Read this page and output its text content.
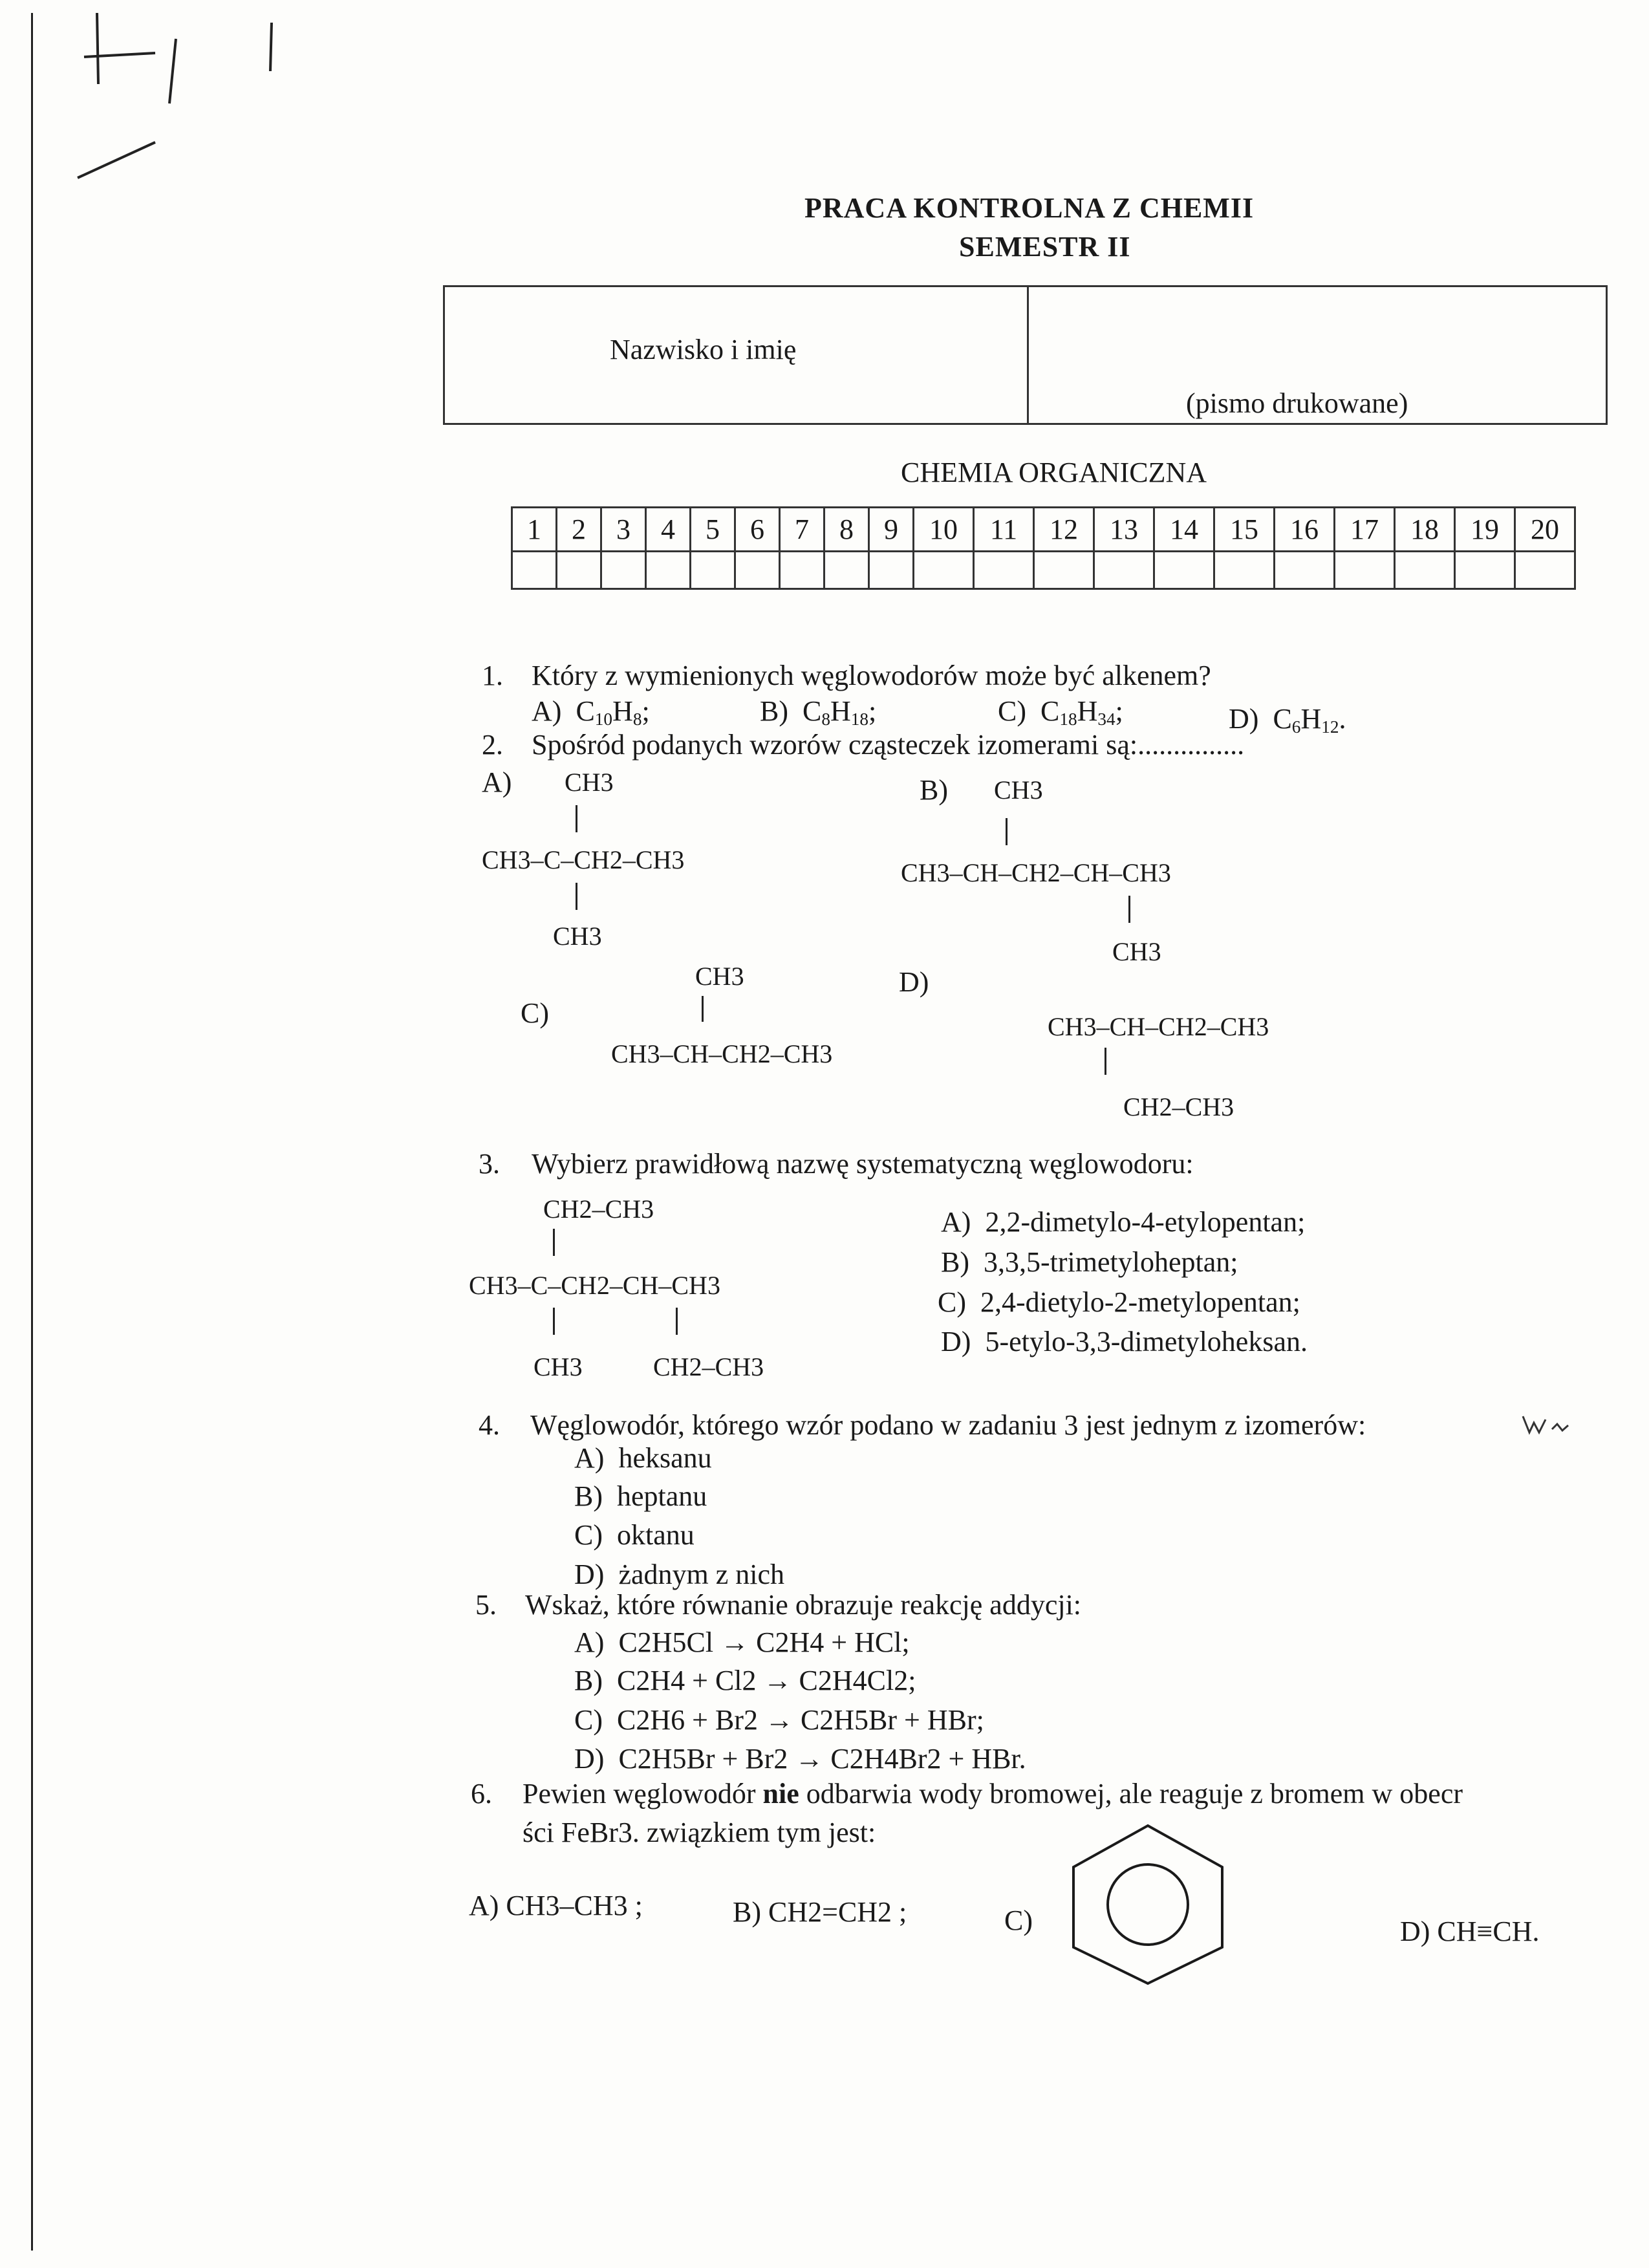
PRACA KONTROLNA Z CHEMII
SEMESTR II
Nazwisko i imię
(pismo drukowane)
CHEMIA ORGANICZNA
1	2	3	4	5	6	7	8	9	10	11	12	13	14	15	16	17	18	19	20

1. Który z wymienionych węglowodorów może być alkenem?
A) $C_{10}H_8$;	B) $C_8H_{18}$;	C) $C_{18}H_{34}$;	D) $C_6H_{12}$.
2. Spośród podanych wzorów cząsteczek izomerami są:...............
A) CH3
CH3–C–CH2–CH3
CH3
B) CH3
CH3–CH–CH2–CH–CH3
CH3
CH3
C)
CH3–CH–CH2–CH3
D)
CH3–CH–CH2–CH3
CH2–CH3
3. Wybierz prawidłową nazwę systematyczną węglowodoru:
CH2–CH3
CH3–C–CH2–CH–CH3
CH3	CH2–CH3
A) 2,2-dimetylo-4-etylopentan;
B) 3,3,5-trimetyloheptan;
C) 2,4-dietylo-2-metylopentan;
D) 5-etylo-3,3-dimetyloheksan.
4. Węglowodór, którego wzór podano w zadaniu 3 jest jednym z izomerów:
A) heksanu
B) heptanu
C) oktanu
D) żadnym z nich
5. Wskaż, które równanie obrazuje reakcję addycji:
A) C2H5Cl → C2H4 + HCl;
B) C2H4 + Cl2 → C2H4Cl2;
C) C2H6 + Br2 → C2H5Br + HBr;
D) C2H5Br + Br2 → C2H4Br2 + HBr.
6. Pewien węglowodór nie odbarwia wody bromowej, ale reaguje z bromem w obecr
ści FeBr3. związkiem tym jest:
A) CH3–CH3 ;	B) CH2=CH2 ;	C)	D) CH≡CH.
